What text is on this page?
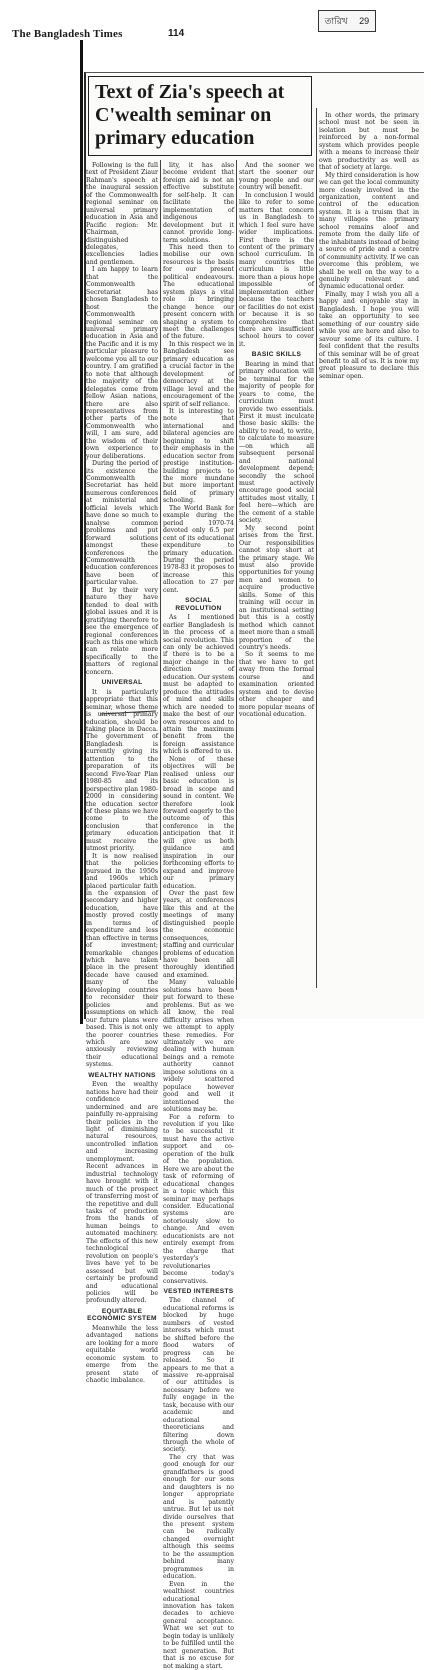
The Bangladesh Times	114
তারিখ 29
Text of Zia's speech at C'wealth seminar on primary education

Following is the full text of President Ziaur Rahman's speech at the inaugural session of the Commonwealth regional seminar on universal primary education in Asia and Pacific region: Mr. Chairman, distinguished delegates, excellencies ladies and gentlemen.

I am happy to learn that the Commonwealth Secretariat has chosen Bangladesh to host the Commonwealth regional seminar on universal primary education in Asia and the Pacific and it is my particular pleasure to welcome you all to our country. I am gratified to note that although the majority of the delegates come from fellow Asian nations, there are also representatives from other parts of the Commonwealth who will, I am sure, add the wisdom of their own experience to your deliberations.

During the period of its existence the Commonwealth Secretariat has held numerous conferences at ministerial and official levels which have done so much to analyse common problems and put forward solutions amongst these conferences the Commonwealth education conferences have been of particular value.

But by their very nature they have tended to deal with global issues and it is gratifying therefore to see the emergence of regional conferences such as this one which can relate more specifically to the matters of regional concern.

UNIVERSAL

It is particularly appropriate that this seminar, whose theme is universal primary education, should be taking place in Dacca. The government of Bangladesh is currently giving its attention to the preparation of its second Five-Year Plan 1980-85 and its perspective plan 1980-2000 in considering the education sector of these plans we have come to the conclusion that primary education must receive the utmost priority.

It is now realised that the policies pursued in the 1950s and 1960s which placed particular faith in the expansion of secondary and higher education, have mostly proved costly in terms of expenditure and less than effective in terms of investment; remarkable changes which have taken place in the present decade have caused many of the developing countries to reconsider their policies and assumptions on which our future plans were based. This is not only the poorer countries which are now anxiously reviewing their educational systems.

WEALTHY NATIONS

Even the wealthy nations have had their confidence undermined and are painfully re-appraising their policies in the light of diminishing natural resources, uncontrolled inflation and increasing unemployment. Recent advances in industrial technology have brought with it much of the prospect of transferring most of the repetitive and dull tasks of production from the hands of human beings to automated machinery. The effects of this new technological revolution on people's lives have yet to be assessed but will certainly be profound and educational policies will be profoundly altered.

EQUITABLE ECONOMIC SYSTEM

Meanwhile the less advantaged nations are looking for a more equitable world economic system to emerge from the present state of chaotic imbalance.

lity, it has also become evident that foreign aid is not an effective substitute for self-help. It can facilitate the implementation of indigenous development but it cannot provide long-term solutions.

This need then to mobilise our own resources is the basis for our present political endeavours. The educational system plays a vital role in bringing change hence our present concern with shaping a system to meet the challenges of the future.

In this respect we in Bangladesh see primary education as a crucial factor in the development of democracy at the village level and the encouragement of the spirit of self reliance.

It is interesting to note that international and bilateral agencies are beginning to shift their emphasis in the education sector from prestige institution-building projects to the more mundane but more important field of primary schooling.

The World Bank for example during the period 1970-74 devoted only 6.5 per cent of its educational expenditure to primary education. During the period 1978-83 it proposes to increase this allocation to 27 per cent.

SOCIAL REVOLUTION

As I mentioned earlier Bangladesh is in the process of a social revolution. This can only be achieved if there is to be a major change in the direction of education. Our system must be adapted to produce the attitudes of mind and skills which are needed to make the best of our own resources and to attain the maximum benefit from the foreign assistance which is offered to us.

None of these objectives will be realised unless our basic education is broad in scope and sound in content. We therefore look forward eagerly to the outcome of this conference in the anticipation that it will give us both guidance and inspiration in our forthcoming efforts to expand and improve our primary education.

Over the past few years, at conferences like this and at the meetings of many distinguished people the economic consequences, staffing and curricular problems of education have been all thoroughly identified and examined.

Many valuable solutions have been put forward to these problems. But as we all know, the real difficulty arises when we attempt to apply these remedies. For ultimately we are dealing with human beings and a remote authority cannot impose solutions on a widely scattered populace however good and well it intentioned the solutions may be.

For a reform to revolution if you like to be successful it must have the active support and co-operation of the bulk of the population. Here we are about the task of reforming of educational changes in a topic which this seminar may perhaps consider. Educational systems are notoriously slow to change. And even educationists are not entirely exempt from the charge that yesterday's revolutionaries become today's conservatives.

VESTED INTERESTS

The channel of educational reforms is blocked by huge numbers of vested interests which must be shifted before the flood waters of progress can be released. So it appears to me that a massive re-appraisal of our attitudes is necessary before we fully engage in the task, because with our academic and educational theoreticians and filtering down through the whole of society.

The cry that was good enough for our grandfathers is good enough for our sons and daughters is no longer appropriate and is patently untrue. But let us not divide ourselves that the present system can be radically changed overnight although this seems to be the assumption behind many programmes in education.

Even in the wealthiest countries educational innovation has taken decades to achieve general acceptance. What we set out to begin today is unlikely to be fulfilled until the next generation. But that is no excuse for not making a start.

And the sooner we start the sooner our young people and our country will benefit.

In conclusion I would like to refer to some matters that concern us in Bangladesh to which I feel sure have wider implications. First there is the content of the primary school curriculum. In many countries the curriculum is little more than a pious hope impossible of implementation either because the teachers or facilities do not exist or because it is so comprehensive that there are insufficient school hours to cover it.

BASIC SKILLS

Bearing in mind that primary education will be terminal for the majority of people for years to come, the curriculum must provide two essentials. First it must inculcate those basic skills: the ability to read, to write, to calculate to measure—on which all subsequent personal and national development depend; secondly the school must actively encourage good social attitudes most vitally, I feel here—which are the cement of a stable society.

My second point arises from the first. Our responsibilities cannot stop short at the primary stage. We must also provide opportunities for young men and women to acquire productive skills. Some of this training will occur in an institutional setting but this is a costly method which cannot meet more than a small proportion of the country's needs.

So it seems to me that we have to get away from the formal course and examination oriented system and to devise other cheaper and more popular means of vocational education.

In other words, the primary school must not be seen in isolation but must be reinforced by a non-formal system which provides people with a means to increase their own productivity as well as that of society at large.

My third consideration is how we can get the local community more closely involved in the organization, content and control of the education system. It is a truism that in many villages the primary school remains aloof and remote from the daily life of the inhabitants instead of being a source of pride and a centre of community activity. If we can overcome this problem, we shall be well on the way to a genuinely relevant and dynamic educational order.

Finally, may I wish you all a happy and enjoyable stay in Bangladesh. I hope you will take an opportunity to see something of our country side while you are here and also to savour some of its culture. I feel confident that the results of this seminar will be of great benefit to all of us. It is now my great pleasure to declare this seminar open.
